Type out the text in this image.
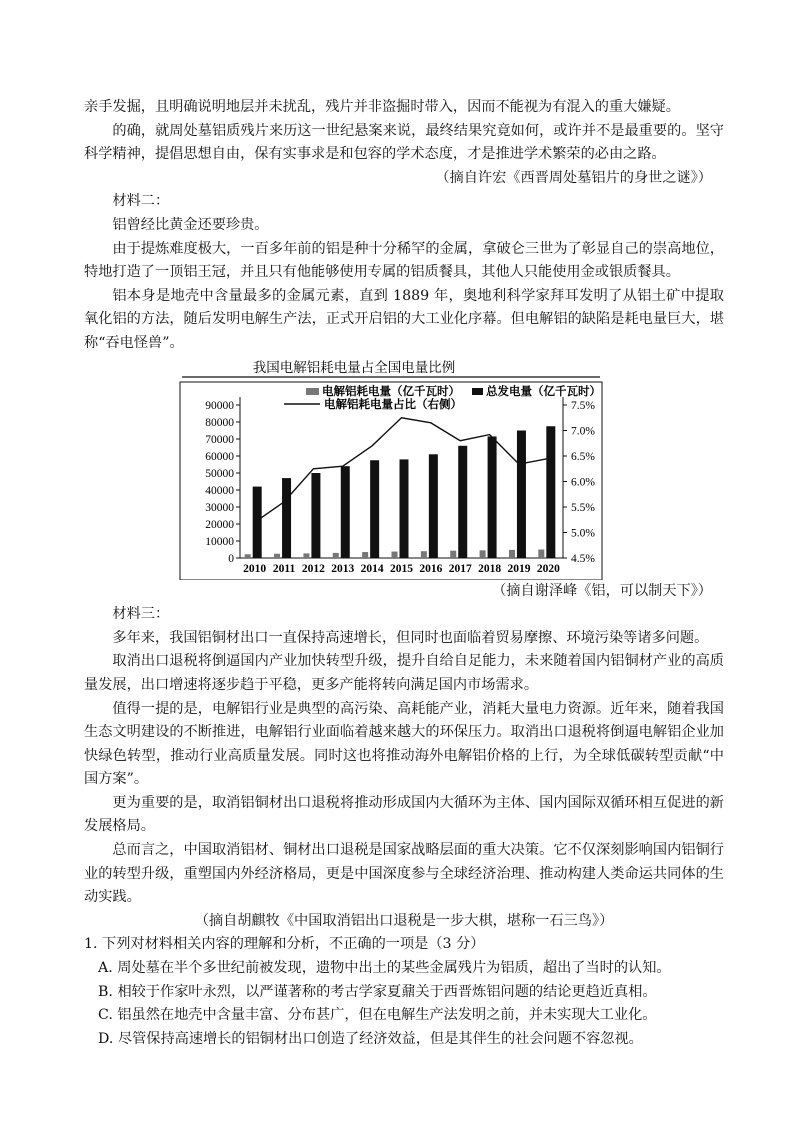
亲手发掘，且明确说明地层并未扰乱，残片并非盗掘时带入，因而不能视为有混入的重大嫌疑。

的确，就周处墓铝质残片来历这一世纪悬案来说，最终结果究竟如何，或许并不是最重要的。坚守科学精神，提倡思想自由，保有实事求是和包容的学术态度，才是推进学术繁荣的必由之路。

（摘自许宏《西晋周处墓铝片的身世之谜》）

材料二：

铝曾经比黄金还要珍贵。

由于提炼难度极大，一百多年前的铝是种十分稀罕的金属，拿破仑三世为了彰显自己的崇高地位，特地打造了一顶铝王冠，并且只有他能够使用专属的铝质餐具，其他人只能使用金或银质餐具。

铝本身是地壳中含量最多的金属元素，直到 1889 年，奥地利科学家拜耳发明了从铝土矿中提取氧化铝的方法，随后发明电解生产法，正式开启铝的大工业化序幕。但电解铝的缺陷是耗电量巨大，堪称“吞电怪兽”。

我国电解铝耗电量占全国电量比例
电解铝耗电量（亿千瓦时） 总发电量（亿千瓦时）
电解铝耗电量占比（右侧）
0
10000
20000
30000
40000
50000
60000
70000
80000
90000
4.5%
5.0%
5.5%
6.0%
6.5%
7.0%
7.5%
2010 2011 2012 2013 2014 2015 2016 2017 2018 2019 2020

（摘自谢泽峰《铝，可以制天下》）

材料三：

多年来，我国铝铜材出口一直保持高速增长，但同时也面临着贸易摩擦、环境污染等诸多问题。

取消出口退税将倒逼国内产业加快转型升级，提升自给自足能力，未来随着国内铝铜材产业的高质量发展，出口增速将逐步趋于平稳，更多产能将转向满足国内市场需求。

值得一提的是，电解铝行业是典型的高污染、高耗能产业，消耗大量电力资源。近年来，随着我国生态文明建设的不断推进，电解铝行业面临着越来越大的环保压力。取消出口退税将倒逼电解铝企业加快绿色转型，推动行业高质量发展。同时这也将推动海外电解铝价格的上行，为全球低碳转型贡献“中国方案”。

更为重要的是，取消铝铜材出口退税将推动形成国内大循环为主体、国内国际双循环相互促进的新发展格局。

总而言之，中国取消铝材、铜材出口退税是国家战略层面的重大决策。它不仅深刻影响国内铝铜行业的转型升级，重塑国内外经济格局，更是中国深度参与全球经济治理、推动构建人类命运共同体的生动实践。

（摘自胡麒牧《中国取消铝出口退税是一步大棋，堪称一石三鸟》）

1. 下列对材料相关内容的理解和分析，不正确的一项是（3 分）

A. 周处墓在半个多世纪前被发现，遗物中出土的某些金属残片为铝质，超出了当时的认知。

B. 相较于作家叶永烈，以严谨著称的考古学家夏鼐关于西晋炼铝问题的结论更趋近真相。

C. 铝虽然在地壳中含量丰富、分布甚广，但在电解生产法发明之前，并未实现大工业化。

D. 尽管保持高速增长的铝铜材出口创造了经济效益，但是其伴生的社会问题不容忽视。
